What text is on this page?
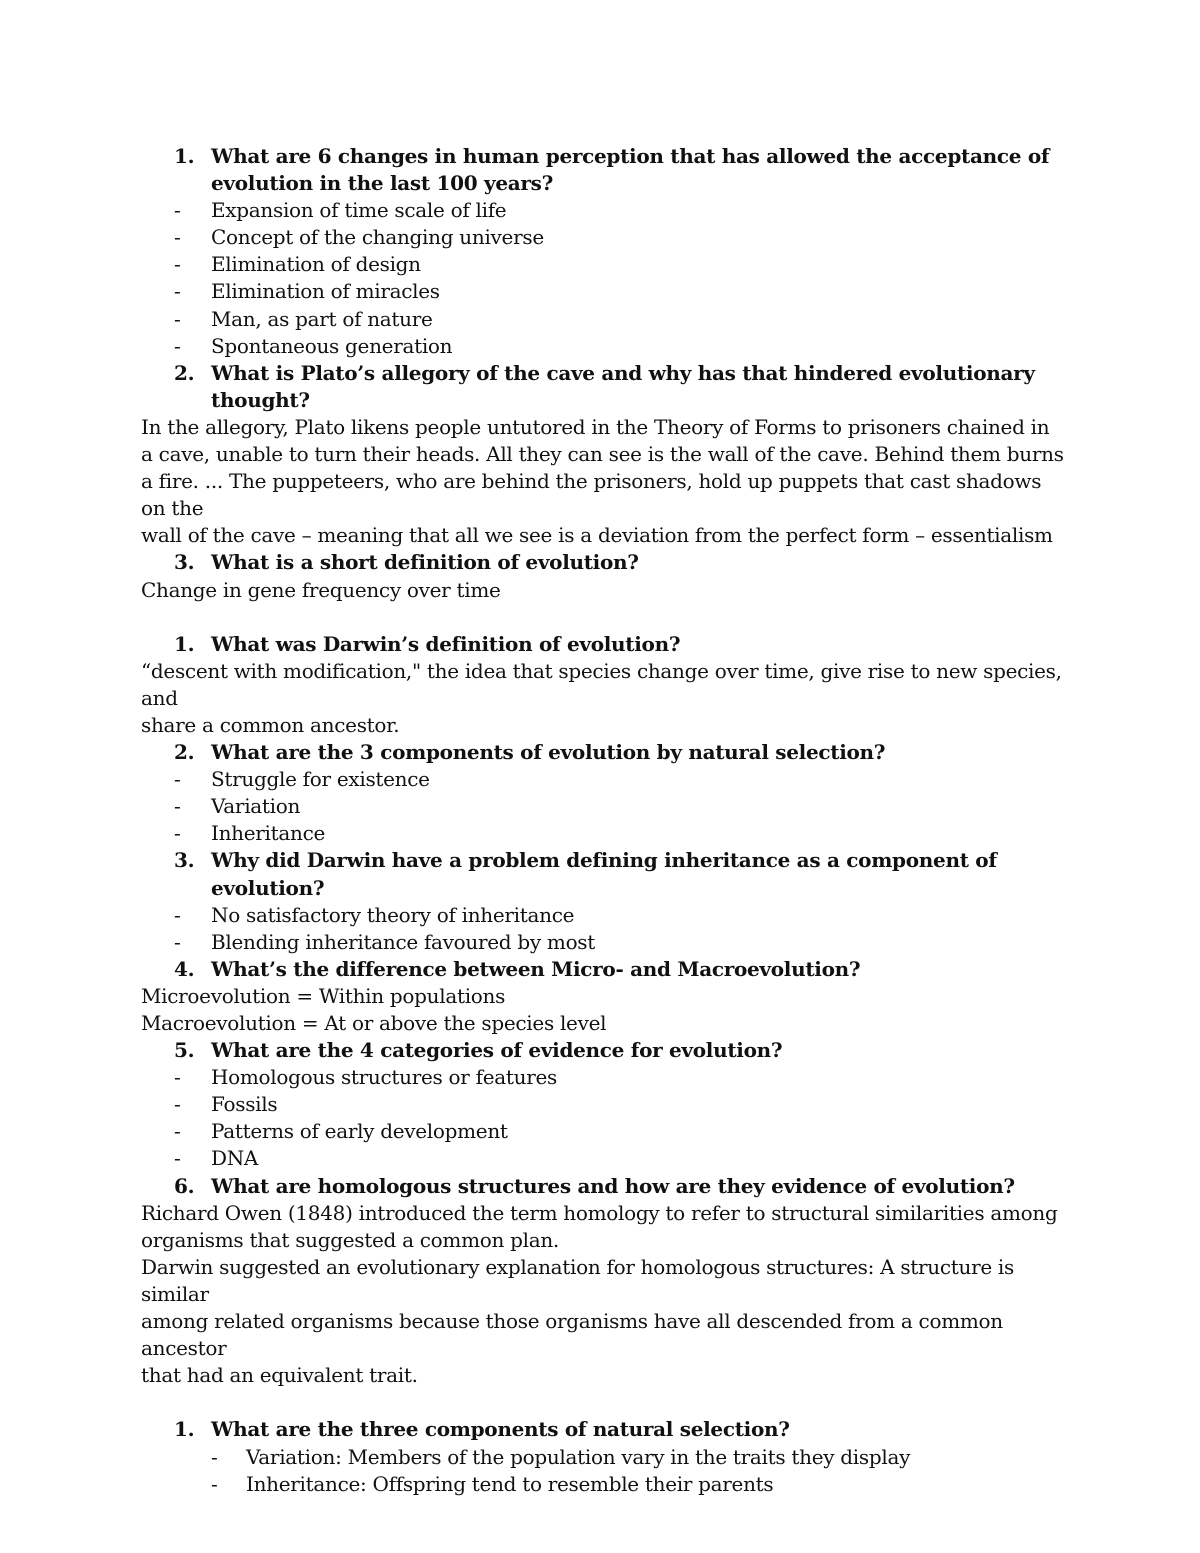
1. What are 6 changes in human perception that has allowed the acceptance of evolution in the last 100 years?
- Expansion of time scale of life
- Concept of the changing universe
- Elimination of design
- Elimination of miracles
- Man, as part of nature
- Spontaneous generation
2. What is Plato’s allegory of the cave and why has that hindered evolutionary thought?
In the allegory, Plato likens people untutored in the Theory of Forms to prisoners chained in
a cave, unable to turn their heads. All they can see is the wall of the cave. Behind them burns
a fire. ... The puppeteers, who are behind the prisoners, hold up puppets that cast shadows on the
wall of the cave – meaning that all we see is a deviation from the perfect form – essentialism
3. What is a short definition of evolution?
Change in gene frequency over time
1. What was Darwin’s definition of evolution?
“descent with modification," the idea that species change over time, give rise to new species, and
share a common ancestor.
2. What are the 3 components of evolution by natural selection?
- Struggle for existence
- Variation
- Inheritance
3. Why did Darwin have a problem defining inheritance as a component of evolution?
- No satisfactory theory of inheritance
- Blending inheritance favoured by most
4. What’s the difference between Micro- and Macroevolution?
Microevolution = Within populations
Macroevolution = At or above the species level
5. What are the 4 categories of evidence for evolution?
- Homologous structures or features
- Fossils
- Patterns of early development
- DNA
6. What are homologous structures and how are they evidence of evolution?
Richard Owen (1848) introduced the term homology to refer to structural similarities among
organisms that suggested a common plan.
Darwin suggested an evolutionary explanation for homologous structures: A structure is similar
among related organisms because those organisms have all descended from a common ancestor
that had an equivalent trait.
1. What are the three components of natural selection?
- Variation: Members of the population vary in the traits they display
- Inheritance: Offspring tend to resemble their parents
